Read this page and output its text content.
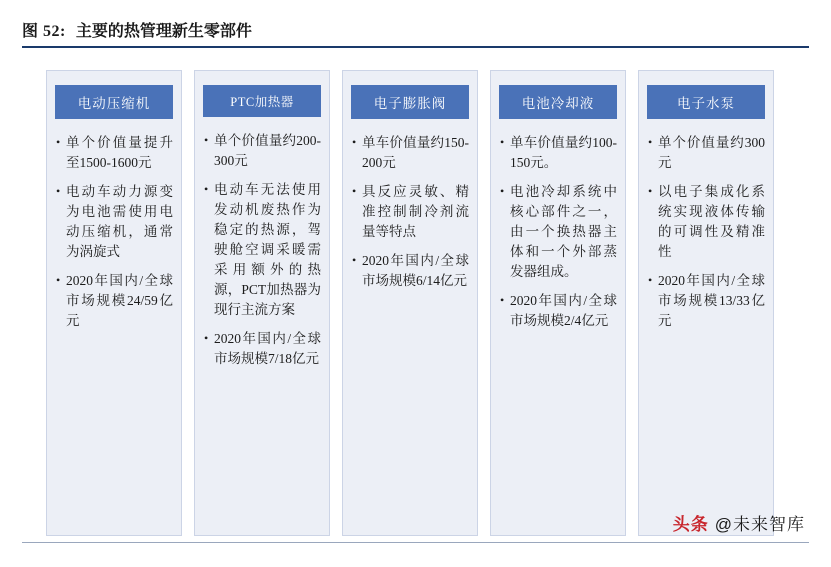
图 52: 主要的热管理新生零部件
电动压缩机
• 单个价值量提升至1500-1600元
• 电动车动力源变为电池需使用电动压缩机，通常为涡旋式
• 2020年国内/全球市场规模24/59亿元
PTC加热器
• 单个价值量约200-300元
• 电动车无法使用发动机废热作为稳定的热源，驾驶舱空调采暖需采用额外的热源，PCT加热器为现行主流方案
• 2020年国内/全球市场规模7/18亿元
电子膨胀阀
• 单车价值量约150-200元
• 具反应灵敏、精准控制制冷剂流量等特点
• 2020年国内/全球市场规模6/14亿元
电池冷却液
• 单车价值量约100-150元。
• 电池冷却系统中核心部件之一，由一个换热器主体和一个外部蒸发器组成。
• 2020年国内/全球市场规模2/4亿元
电子水泵
• 单个价值量约300元
• 以电子集成化系统实现液体传输的可调性及精准性
• 2020年国内/全球市场规模13/33亿元
头条 @未来智库
